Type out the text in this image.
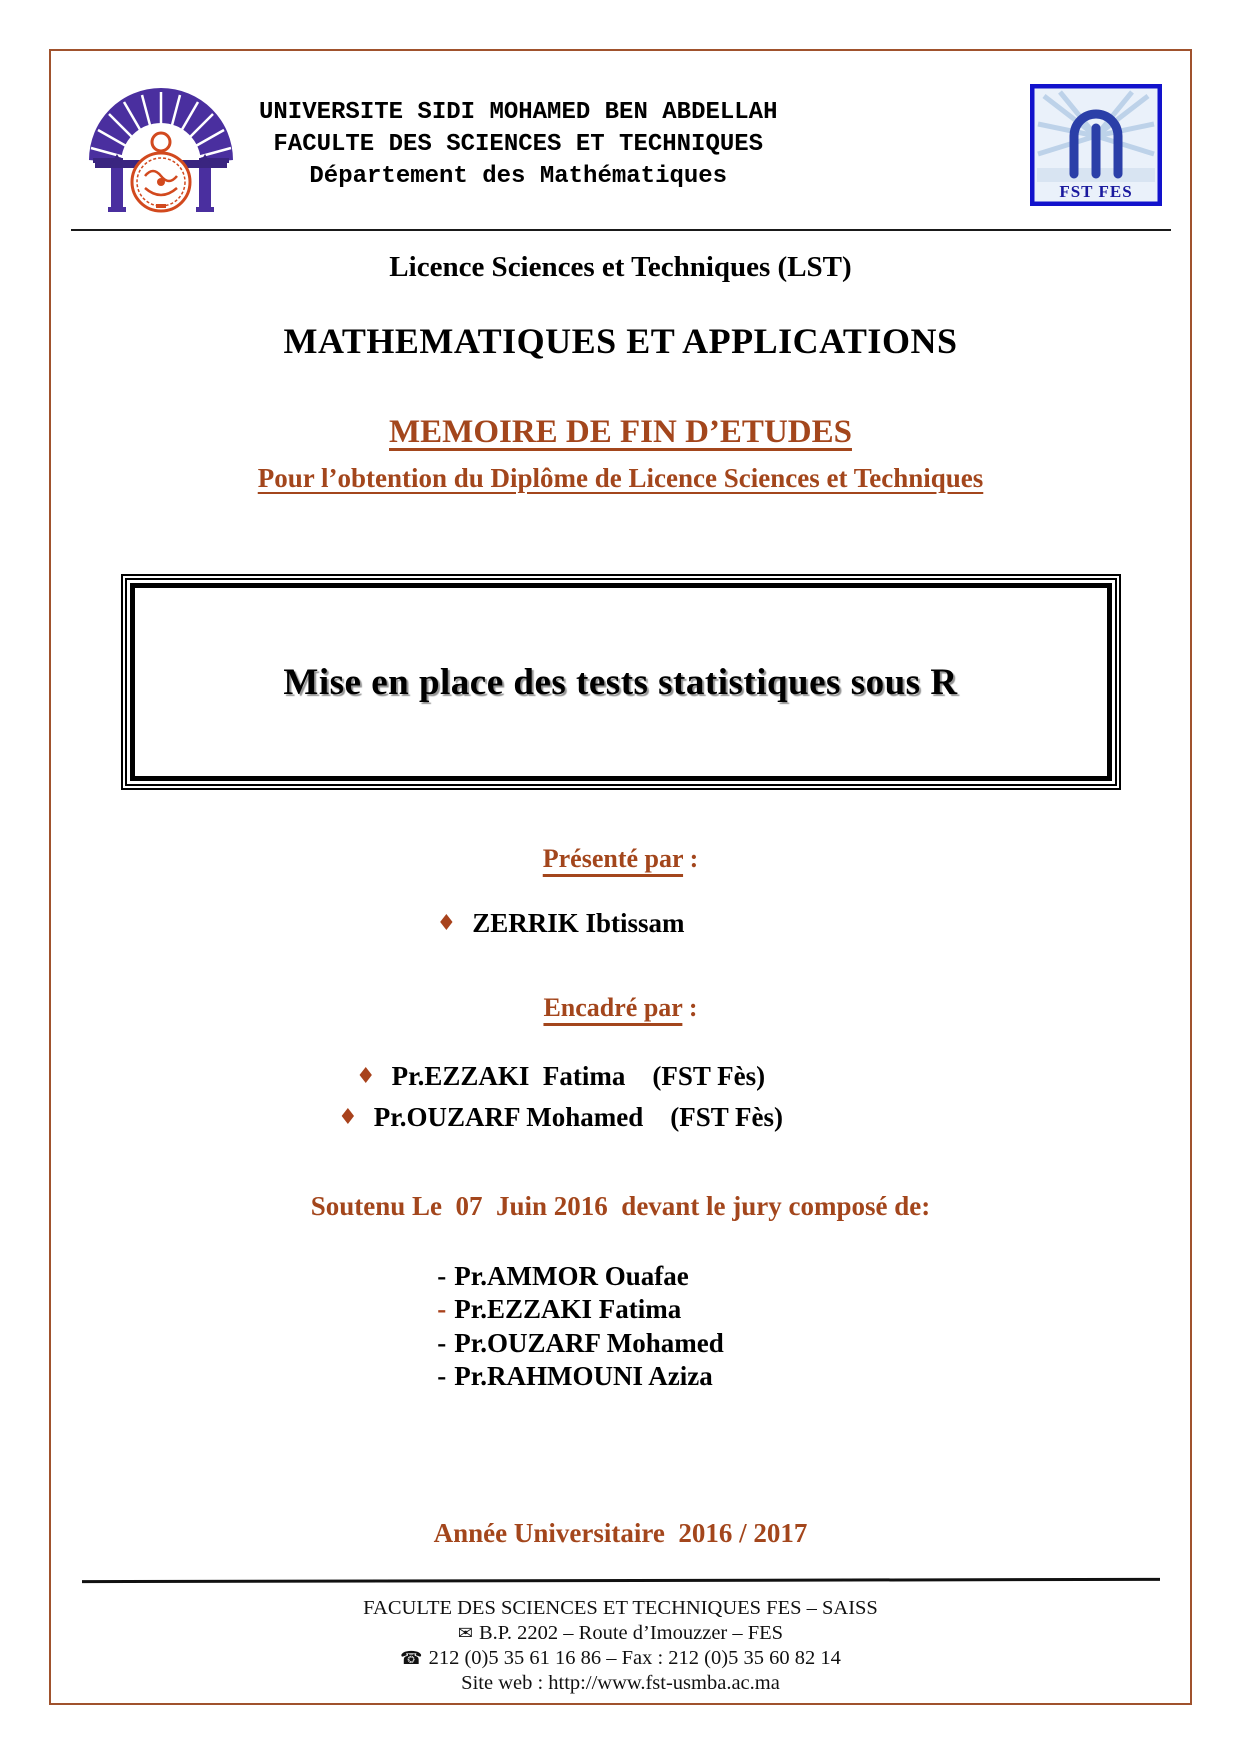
UNIVERSITE SIDI MOHAMED BEN ABDELLAH
FACULTE DES SCIENCES ET TECHNIQUES
Département des Mathématiques
FST FES
Licence Sciences et Techniques (LST)
MATHEMATIQUES ET APPLICATIONS
MEMOIRE DE FIN D’ETUDES
Pour l’obtention du Diplôme de Licence Sciences et Techniques
Mise en place des tests statistiques sous R
Présenté par :
♦ ZERRIK Ibtissam
Encadré par :
♦ Pr.EZZAKI  Fatima    (FST Fès)
♦ Pr.OUZARF Mohamed    (FST Fès)
Soutenu Le  07  Juin 2016  devant le jury composé de:
- Pr.AMMOR Ouafae
- Pr.EZZAKI Fatima
- Pr.OUZARF Mohamed
- Pr.RAHMOUNI Aziza
Année Universitaire  2016 / 2017
FACULTE DES SCIENCES ET TECHNIQUES FES – SAISS
✉ B.P. 2202 – Route d’Imouzzer – FES
☎ 212 (0)5 35 61 16 86 – Fax : 212 (0)5 35 60 82 14
Site web : http://www.fst-usmba.ac.ma
